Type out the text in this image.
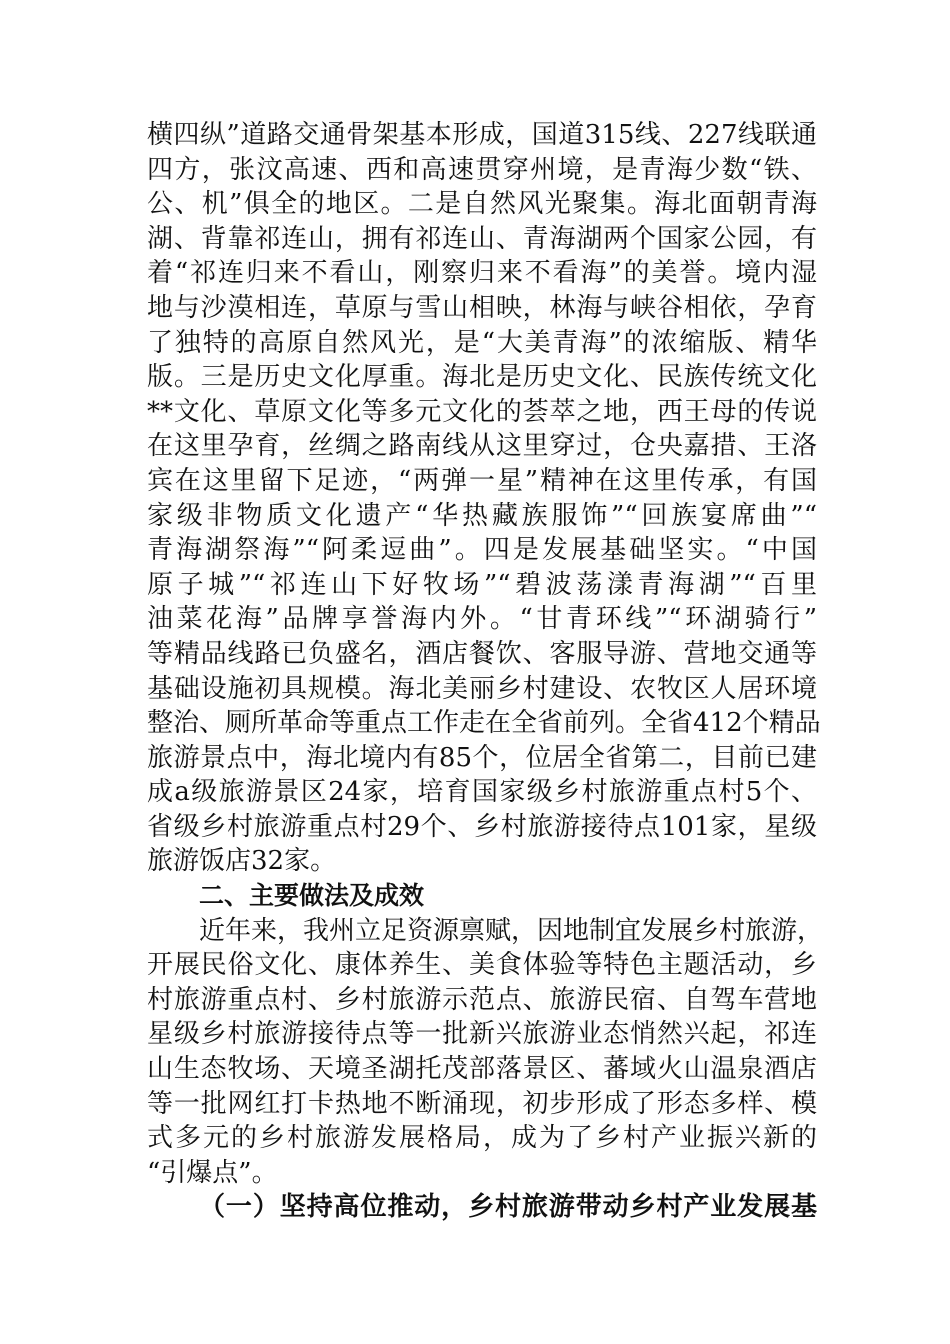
横四纵”道路交通骨架基本形成，国道315线、227线联通
四方，张汶高速、西和高速贯穿州境，是青海少数“铁、
公、机”俱全的地区。二是自然风光聚集。海北面朝青海
湖、背靠祁连山，拥有祁连山、青海湖两个国家公园，有
着“祁连归来不看山，刚察归来不看海”的美誉。境内湿
地与沙漠相连，草原与雪山相映，林海与峡谷相依，孕育
了独特的高原自然风光，是“大美青海”的浓缩版、精华
版。三是历史文化厚重。海北是历史文化、民族传统文化
**文化、草原文化等多元文化的荟萃之地，西王母的传说
在这里孕育，丝绸之路南线从这里穿过，仓央嘉措、王洛
宾在这里留下足迹，“两弹一星”精神在这里传承，有国
家级非物质文化遗产“华热藏族服饰”“回族宴席曲”“
青海湖祭海”“阿柔逗曲”。四是发展基础坚实。“中国
原子城”“祁连山下好牧场”“碧波荡漾青海湖”“百里
油菜花海”品牌享誉海内外。“甘青环线”“环湖骑行”
等精品线路已负盛名，酒店餐饮、客服导游、营地交通等
基础设施初具规模。海北美丽乡村建设、农牧区人居环境
整治、厕所革命等重点工作走在全省前列。全省412个精品
旅游景点中，海北境内有85个，位居全省第二，目前已建
成a级旅游景区24家，培育国家级乡村旅游重点村5个、
省级乡村旅游重点村29个、乡村旅游接待点101家，星级
旅游饭店32家。
二、主要做法及成效
近年来，我州立足资源禀赋，因地制宜发展乡村旅游，
开展民俗文化、康体养生、美食体验等特色主题活动，乡
村旅游重点村、乡村旅游示范点、旅游民宿、自驾车营地
星级乡村旅游接待点等一批新兴旅游业态悄然兴起，祁连
山生态牧场、天境圣湖托茂部落景区、蕃域火山温泉酒店
等一批网红打卡热地不断涌现，初步形成了形态多样、模
式多元的乡村旅游发展格局，成为了乡村产业振兴新的
“引爆点”。
（一）坚持高位推动，乡村旅游带动乡村产业发展基
